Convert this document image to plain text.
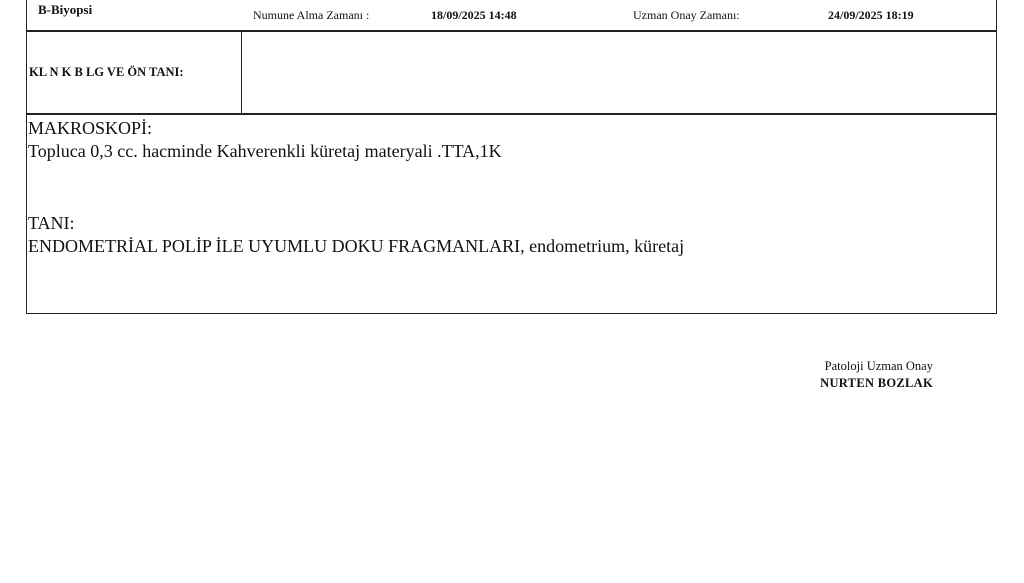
B-Biyopsi	Numune Alma Zamanı :	18/09/2025 14:48	Uzman Onay Zamanı:	24/09/2025 18:19
KL N K B LG VE ÖN TANI:
MAKROSKOPİ:
Topluca 0,3 cc. hacminde Kahverenkli küretaj materyali .TTA,1K
TANI:
ENDOMETRİAL POLİP İLE UYUMLU DOKU FRAGMANLARI, endometrium, küretaj
Patoloji Uzman Onay
NURTEN BOZLAK
